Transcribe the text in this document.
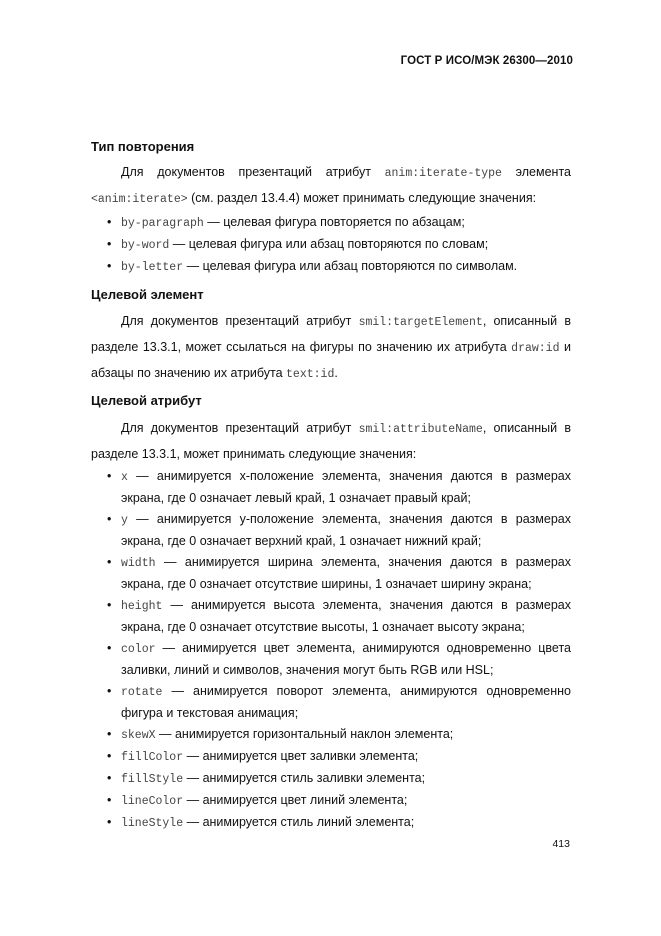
ГОСТ Р ИСО/МЭК 26300—2010
Тип повторения

Для документов презентаций атрибут anim:iterate-type элемента <anim:iterate> (см. раздел 13.4.4) может принимать следующие значения:

• by-paragraph — целевая фигура повторяется по абзацам;
• by-word — целевая фигура или абзац повторяются по словам;
• by-letter — целевая фигура или абзац повторяются по символам.
Целевой элемент

Для документов презентаций атрибут smil:targetElement, описанный в разделе 13.3.1, может ссылаться на фигуры по значению их атрибута draw:id и абзацы по значению их атрибута text:id.

Целевой атрибут

Для документов презентаций атрибут smil:attributeName, описанный в разделе 13.3.1, может принимать следующие значения:

• x — анимируется x-положение элемента, значения даются в размерах экрана, где 0 означает левый край, 1 означает правый край;
• y — анимируется y-положение элемента, значения даются в размерах экрана, где 0 означает верхний край, 1 означает нижний край;
• width — анимируется ширина элемента, значения даются в размерах экрана, где 0 означает отсутствие ширины, 1 означает ширину экрана;
• height — анимируется высота элемента, значения даются в размерах экрана, где 0 означает отсутствие высоты, 1 означает высоту экрана;
• color — анимируется цвет элемента, анимируются одновременно цвета заливки, линий и символов, значения могут быть RGB или HSL;
• rotate — анимируется поворот элемента, анимируются одновременно фигура и текстовая анимация;
• skewX — анимируется горизонтальный наклон элемента;
• fillColor — анимируется цвет заливки элемента;
• fillStyle — анимируется стиль заливки элемента;
• lineColor — анимируется цвет линий элемента;
• lineStyle — анимируется стиль линий элемента;
413
